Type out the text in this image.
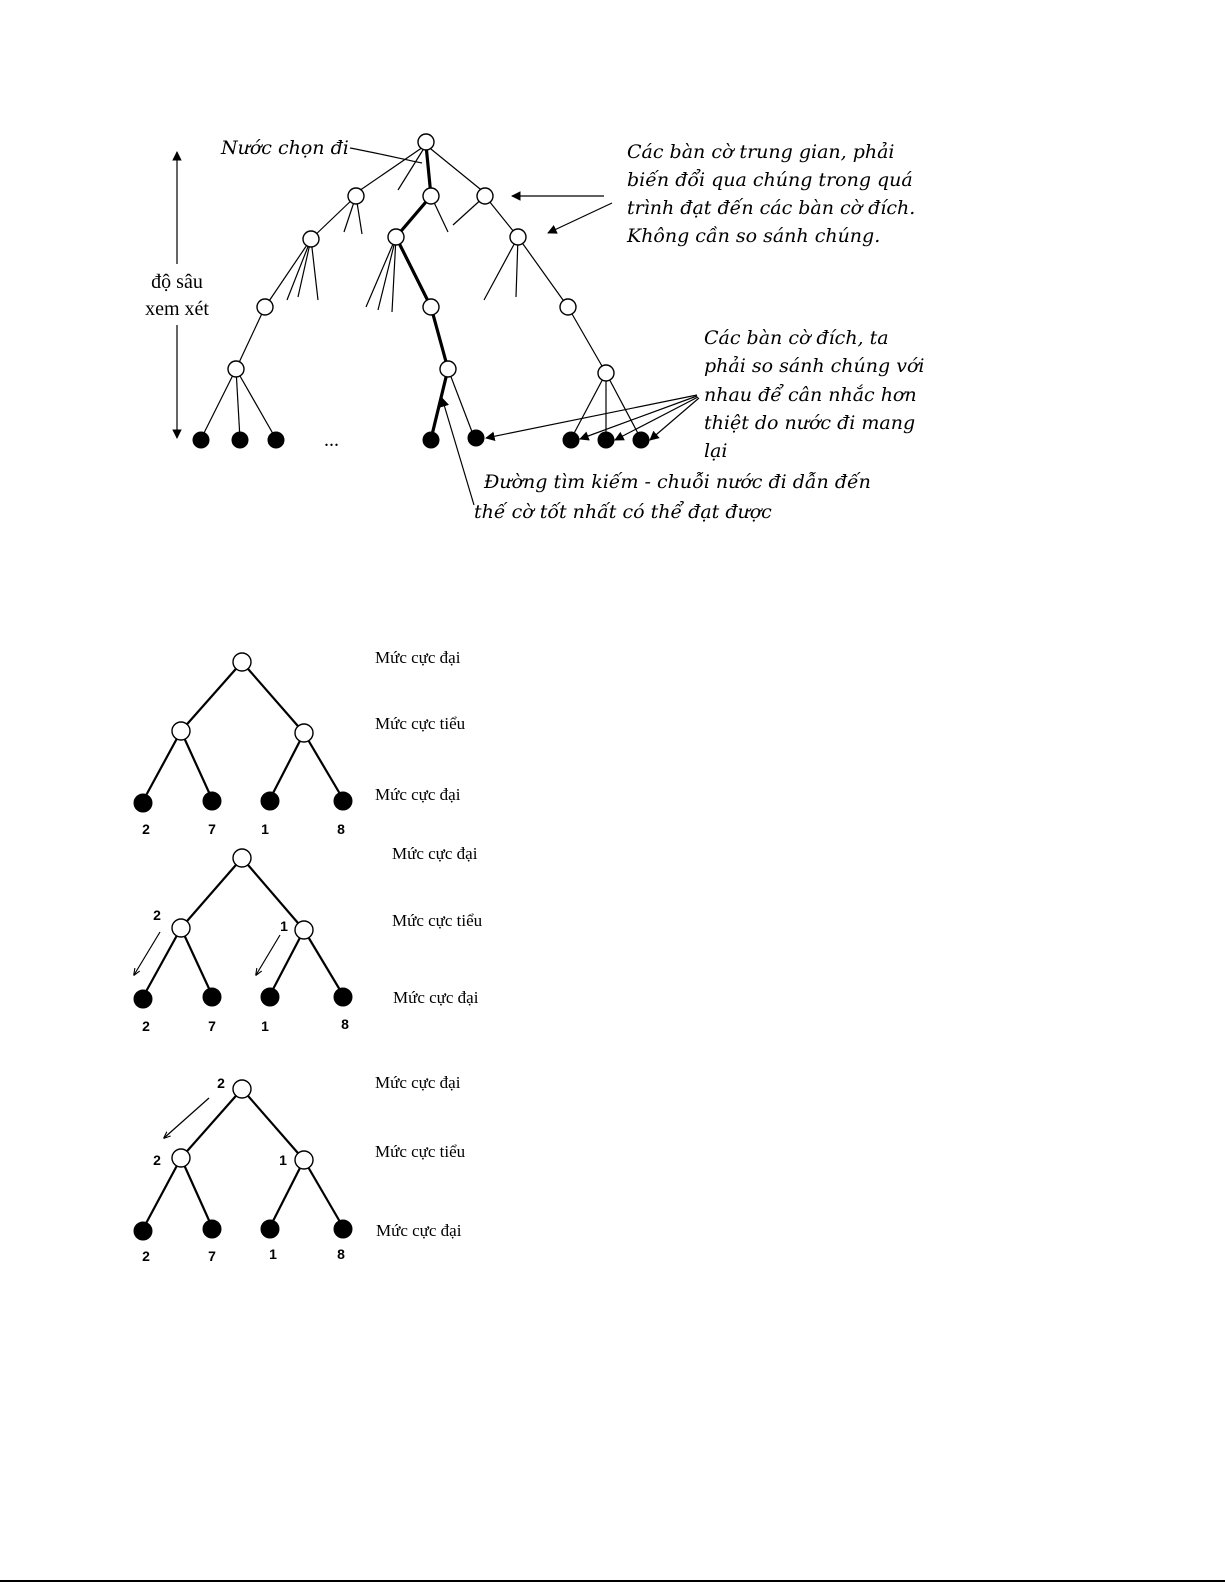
...
độ sâu
xem xét
Nước chọn đi	Các bàn cờ trung gian, phải
biến đổi qua chúng trong quá
trình đạt đến các bàn cờ đích.
Không cần so sánh chúng.
Các bàn cờ đích, ta
phải so sánh chúng với
nhau để cân nhắc hơn
thiệt do nước đi mang
lại
Đường tìm kiếm - chuỗi nước đi dẫn đến
thế cờ tốt nhất có thể đạt được
2	7	1	8
Mức cực đại
Mức cực tiểu
Mức cực đại
2
1
2	7	1	8
Mức cực đại
Mức cực tiểu
Mức cực đại
2
2	1
2	7	1	8
Mức cực đại
Mức cực tiểu
Mức cực đại
